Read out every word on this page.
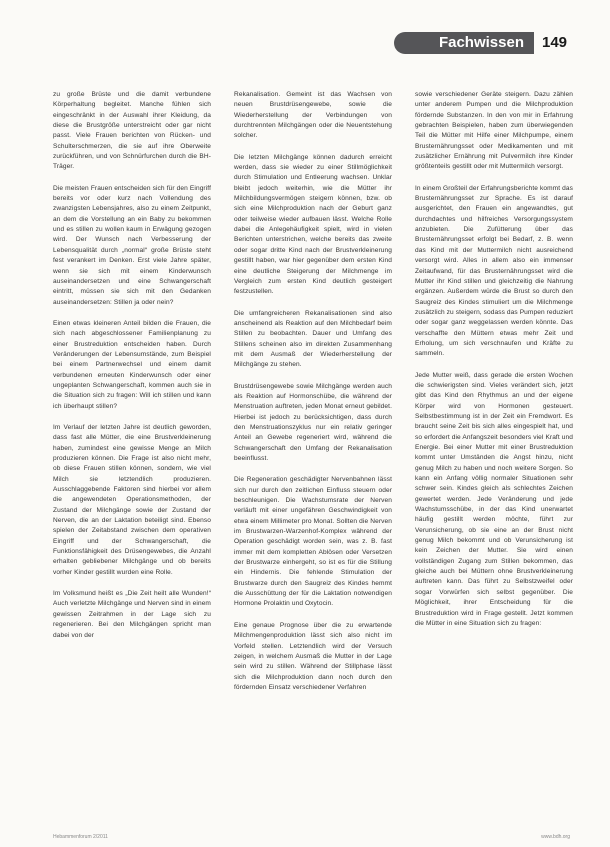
Fachwissen	149

zu große Brüste und die damit verbundene Körperhaltung begleitet. Manche fühlen sich eingeschränkt in der Auswahl ihrer Kleidung, da diese die Brustgröße unterstreicht oder gar nicht passt. Viele Frauen berichten von Rücken- und Schulterschmerzen, die sie auf ihre Oberweite zurückführen, und von Schnürfurchen durch die BH-Träger.

Die meisten Frauen entscheiden sich für den Eingriff bereits vor oder kurz nach Vollendung des zwanzigsten Lebensjahres, also zu einem Zeitpunkt, an dem die Vorstellung an ein Baby zu bekommen und es stillen zu wollen kaum in Erwägung gezogen wird. Der Wunsch nach Verbesserung der Lebensqualität durch „normal“ große Brüste steht fest verankert im Denken. Erst viele Jahre später, wenn sie sich mit einem Kinderwunsch auseinandersetzen und eine Schwangerschaft eintritt, müssen sie sich mit den Gedanken auseinandersetzen: Stillen ja oder nein?

Einen etwas kleineren Anteil bilden die Frauen, die sich nach abgeschlossener Familienplanung zu einer Brustreduktion entscheiden haben. Durch Veränderungen der Lebensumstände, zum Beispiel bei einem Partnerwechsel und einem damit verbundenen erneuten Kinderwunsch oder einer ungeplanten Schwangerschaft, kommen auch sie in die Situation sich zu fragen: Will ich stillen und kann ich überhaupt stillen?

Im Verlauf der letzten Jahre ist deutlich geworden, dass fast alle Mütter, die eine Brustverkleinerung haben, zumindest eine gewisse Menge an Milch produzieren können. Die Frage ist also nicht mehr, ob diese Frauen stillen können, sondern, wie viel Milch sie letztendlich produzieren. Ausschlaggebende Faktoren sind hierbei vor allem die angewendeten Operationsmethoden, der Zustand der Milchgänge sowie der Zustand der Nerven, die an der Laktation beteiligt sind. Ebenso spielen der Zeitabstand zwischen dem operativen Eingriff und der Schwangerschaft, die Funktionsfähigkeit des Drüsengewebes, die Anzahl erhalten gebliebener Milchgänge und ob bereits vorher Kinder gestillt wurden eine Rolle.

Im Volksmund heißt es „Die Zeit heilt alle Wunden!“ Auch verletzte Milchgänge und Nerven sind in einem gewissen Zeitrahmen in der Lage sich zu regenerieren. Bei den Milchgängen spricht man dabei von der

Rekanalisation. Gemeint ist das Wachsen von neuen Brustdrüsengewebe, sowie die Wiederherstellung der Verbindungen von durchtrennten Milchgängen oder die Neuentstehung solcher.

Die letzten Milchgänge können dadurch erreicht werden, dass sie wieder zu einer Stillmöglichkeit durch Stimulation und Entleerung wachsen. Unklar bleibt jedoch weiterhin, wie die Mütter ihr Milchbildungsvermögen steigern können, bzw. ob sich eine Milchproduktion nach der Geburt ganz oder teilweise wieder aufbauen lässt. Welche Rolle dabei die Anlegehäufigkeit spielt, wird in vielen Berichten unterstrichen, welche bereits das zweite oder sogar dritte Kind nach der Brustverkleinerung gestillt haben, war hier gegenüber dem ersten Kind eine deutliche Steigerung der Milchmenge im Vergleich zum ersten Kind deutlich gesteigert festzustellen.

Die umfangreicheren Rekanalisationen sind also anscheinend als Reaktion auf den Milchbedarf beim Stillen zu beobachten. Dauer und Umfang des Stillens scheinen also im direkten Zusammenhang mit dem Ausmaß der Wiederherstellung der Milchgänge zu stehen.

Brustdrüsengewebe sowie Milchgänge werden auch als Reaktion auf Hormonschübe, die während der Menstruation auftreten, jeden Monat erneut gebildet. Hierbei ist jedoch zu berücksichtigen, dass durch den Menstruationszyklus nur ein relativ geringer Anteil an Gewebe regeneriert wird, während die Schwangerschaft den Umfang der Rekanalisation beeinflusst.

Die Regeneration geschädigter Nervenbahnen lässt sich nur durch den zeitlichen Einfluss steuern oder beschleunigen. Die Wachstumsrate der Nerven verläuft mit einer ungefähren Geschwindigkeit von etwa einem Millimeter pro Monat. Sollten die Nerven im Brustwarzen-Warzenhof-Komplex während der Operation geschädigt worden sein, was z. B. fast immer mit dem kompletten Ablösen oder Versetzen der Brustwarze einhergeht, so ist es für die Stillung ein Hindernis. Die fehlende Stimulation der Brustwarze durch den Saugreiz des Kindes hemmt die Ausschüttung der für die Laktation notwendigen Hormone Prolaktin und Oxytocin.

Eine genaue Prognose über die zu erwartende Milchmengenproduktion lässt sich also nicht im Vorfeld stellen. Letztendlich wird der Versuch zeigen, in welchem Ausmaß die Mutter in der Lage sein wird zu stillen. Während der Stillphase lässt sich die Milchproduktion dann noch durch den fördernden Einsatz verschiedener Verfahren

sowie verschiedener Geräte steigern. Dazu zählen unter anderem Pumpen und die Milchproduktion fördernde Substanzen. In den von mir in Erfahrung gebrachten Beispielen, haben zum überwiegenden Teil die Mütter mit Hilfe einer Milchpumpe, einem Brusternährungsset oder Medikamenten und mit zusätzlicher Ernährung mit Pulvermilch ihre Kinder größtenteils gestillt oder mit Muttermilch versorgt.

In einem Großteil der Erfahrungsberichte kommt das Brusternährungsset zur Sprache. Es ist darauf ausgerichtet, den Frauen ein angewandtes, gut durchdachtes und hilfreiches Versorgungssystem anzubieten. Die Zufütterung über das Brusternährungsset erfolgt bei Bedarf, z. B. wenn das Kind mit der Muttermilch nicht ausreichend versorgt wird. Alles in allem also ein immenser Zeitaufwand, für das Brusternährungsset wird die Mutter ihr Kind stillen und gleichzeitig die Nahrung ergänzen. Außerdem würde die Brust so durch den Saugreiz des Kindes stimuliert um die Milchmenge zusätzlich zu steigern, sodass das Pumpen reduziert oder sogar ganz weggelassen werden könnte. Das verschaffte den Müttern etwas mehr Zeit und Erholung, um sich verschnaufen und Kräfte zu sammeln.

Jede Mutter weiß, dass gerade die ersten Wochen die schwierigsten sind. Vieles verändert sich, jetzt gibt das Kind den Rhythmus an und der eigene Körper wird von Hormonen gesteuert. Selbstbestimmung ist in der Zeit ein Fremdwort. Es braucht seine Zeit bis sich alles eingespielt hat, und so erfordert die Anfangszeit besonders viel Kraft und Energie. Bei einer Mutter mit einer Brustreduktion kommt unter Umständen die Angst hinzu, nicht genug Milch zu haben und noch weitere Sorgen. So kann ein Anfang völlig normaler Situationen sehr schwer sein. Kindes gleich als schlechtes Zeichen gewertet werden. Jede Veränderung und jede Wachstumsschübe, in der das Kind unerwartet häufig gestillt werden möchte, führt zur Verunsicherung, ob sie eine an der Brust nicht genug Milch bekommt und ob Verunsicherung ist kein Zeichen der Mutter. Sie wird einen vollständigen Zugang zum Stillen bekommen, das gleiche auch bei Müttern ohne Brustverkleinerung auftreten kann. Das führt zu Selbstzweifel oder sogar Vorwürfen sich selbst gegenüber. Die Möglichkeit, ihrer Entscheidung für die Brustreduktion wird in Frage gestellt. Jetzt kommen die Mütter in eine Situation sich zu fragen:

Hebammenforum 2/2011	www.bdh.org
